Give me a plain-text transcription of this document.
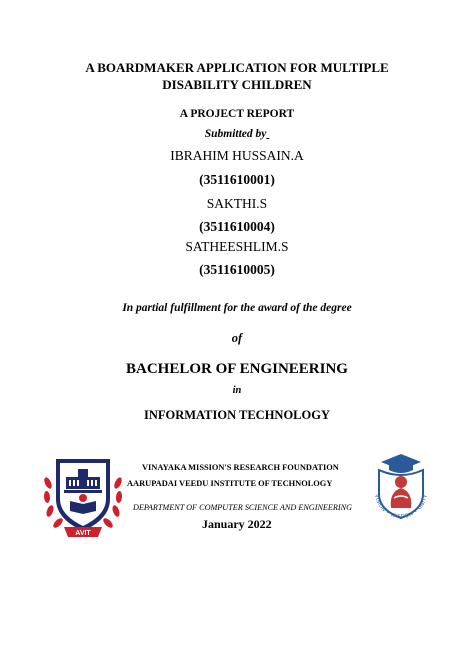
A BOARDMAKER APPLICATION FOR MULTIPLE
DISABILITY CHILDREN
A PROJECT REPORT
Submitted by
IBRAHIM HUSSAIN.A
(3511610001)
SAKTHI.S
(3511610004)
SATHEESHLIM.S
(3511610005)
In partial fulfillment for the award of the degree
of
BACHELOR OF ENGINEERING
in
INFORMATION TECHNOLOGY
AVIT
VINAYAKA MISSION'S RESEARCH FOUNDATION
AARUPADAI VEEDU INSTITUTE OF TECHNOLOGY
DEPARTMENT OF COMPUTER SCIENCE AND ENGINEERING
January 2022
VISION • WISDOM • UNITY
